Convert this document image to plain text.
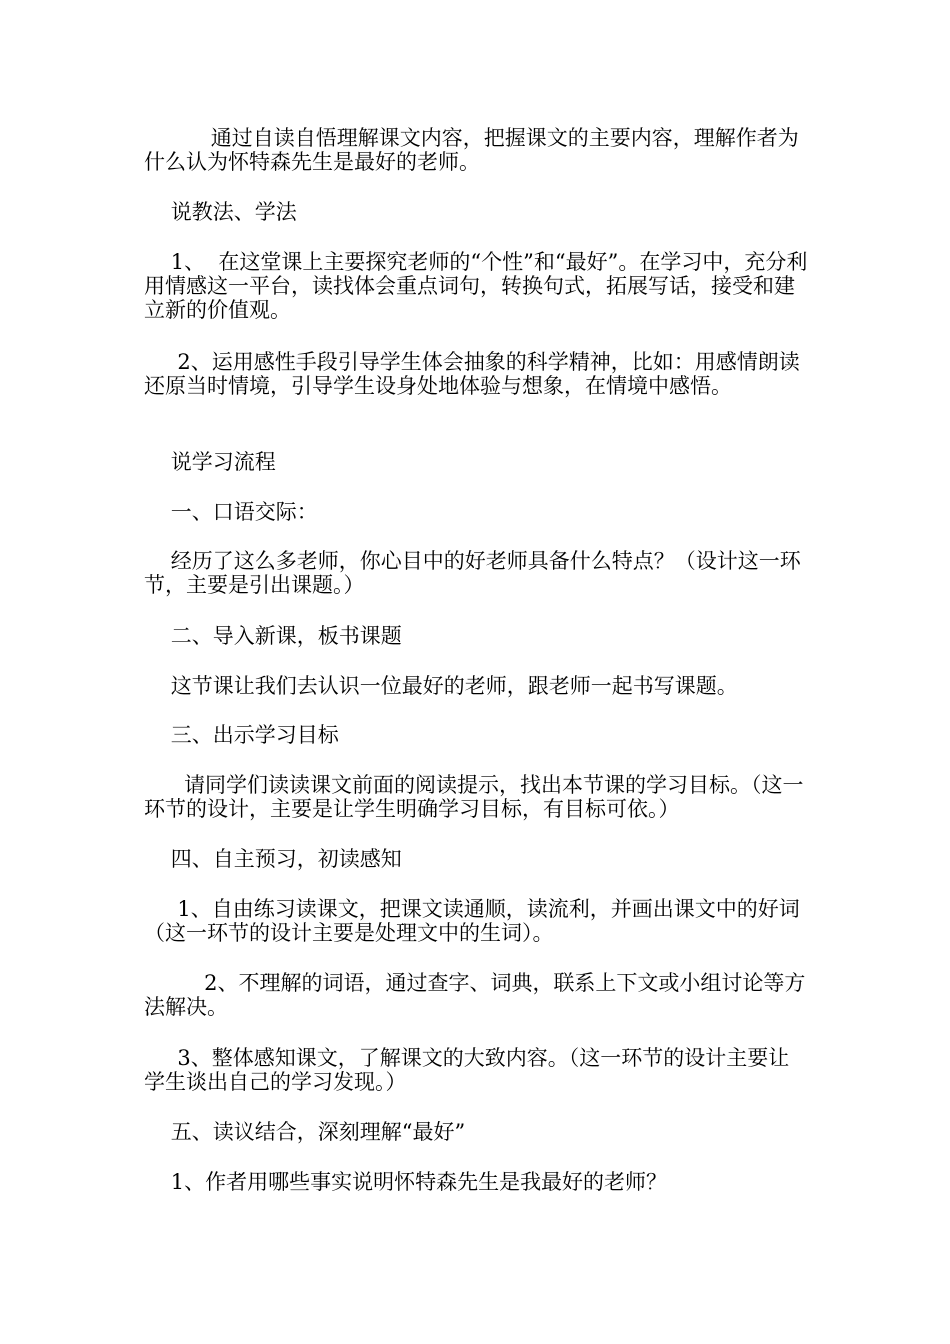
通过自读自悟理解课文内容，把握课文的主要内容，理解作者为什么认为怀特森先生是最好的老师。

说教法、学法

1、  在这堂课上主要探究老师的“个性”和“最好”。在学习中，充分利用情感这一平台，读找体会重点词句，转换句式，拓展写话，接受和建立新的价值观。

2、运用感性手段引导学生体会抽象的科学精神，比如：用感情朗读还原当时情境，引导学生设身处地体验与想象，在情境中感悟。

说学习流程

一、口语交际：

经历了这么多老师，你心目中的好老师具备什么特点？（设计这一环节，主要是引出课题。）

二、导入新课，板书课题

这节课让我们去认识一位最好的老师，跟老师一起书写课题。

三、出示学习目标

请同学们读读课文前面的阅读提示，找出本节课的学习目标。（这一环节的设计，主要是让学生明确学习目标，有目标可依。）

四、自主预习，初读感知

1、自由练习读课文，把课文读通顺，读流利，并画出课文中的好词（这一环节的设计主要是处理文中的生词）。

2、不理解的词语，通过查字、词典，联系上下文或小组讨论等方法解决。

3、整体感知课文，了解课文的大致内容。（这一环节的设计主要让学生谈出自己的学习发现。）

五、读议结合，深刻理解“最好”

1、作者用哪些事实说明怀特森先生是我最好的老师？
